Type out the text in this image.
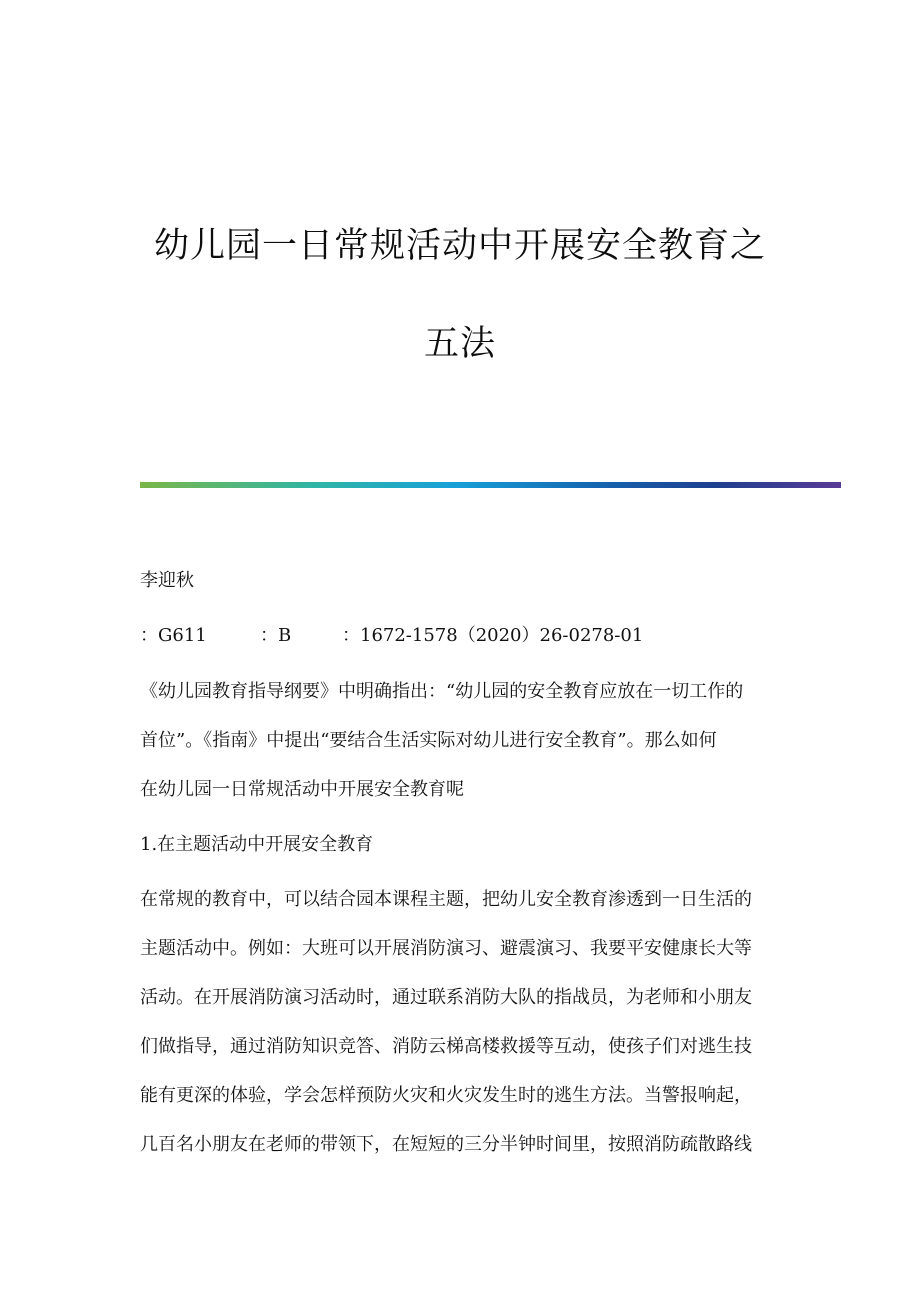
幼儿园一日常规活动中开展安全教育之
五法
李迎秋
：G611	：B	：1672-1578（2020）26-0278-01
《幼儿园教育指导纲要》中明确指出：“幼儿园的安全教育应放在一切工作的
首位”。《指南》中提出“要结合生活实际对幼儿进行安全教育”。那么如何
在幼儿园一日常规活动中开展安全教育呢
1.在主题活动中开展安全教育
在常规的教育中，可以结合园本课程主题，把幼儿安全教育渗透到一日生活的
主题活动中。例如：大班可以开展消防演习、避震演习、我要平安健康长大等
活动。在开展消防演习活动时，通过联系消防大队的指战员，为老师和小朋友
们做指导，通过消防知识竞答、消防云梯高楼救援等互动，使孩子们对逃生技
能有更深的体验，学会怎样预防火灾和火灾发生时的逃生方法。当警报响起，
几百名小朋友在老师的带领下，在短短的三分半钟时间里，按照消防疏散路线
